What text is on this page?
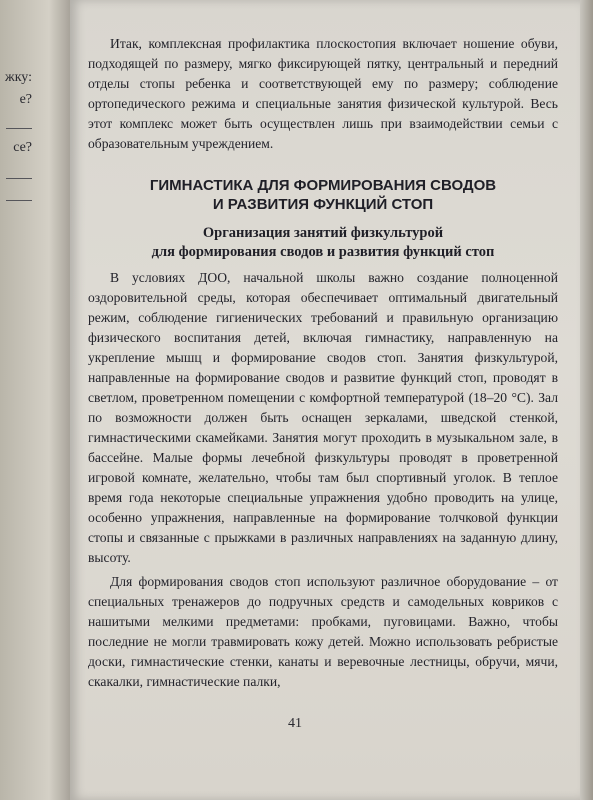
жку:
е?
се?

Итак, комплексная профилактика плоскостопия включает ношение обуви, подходящей по размеру, мягко фиксирующей пятку, центральный и передний отделы стопы ребенка и соответствующей ему по размеру; соблюдение ортопедического режима и специальные занятия физической культурой. Весь этот комплекс может быть осуществлен лишь при взаимодействии семьи с образовательным учреждением.

ГИМНАСТИКА ДЛЯ ФОРМИРОВАНИЯ СВОДОВ
И РАЗВИТИЯ ФУНКЦИЙ СТОП
Организация занятий физкультурой
для формирования сводов и развития функций стоп

В условиях ДОО, начальной школы важно создание полноценной оздоровительной среды, которая обеспечивает оптимальный двигательный режим, соблюдение гигиенических требований и правильную организацию физического воспитания детей, включая гимнастику, направленную на укрепление мышц и формирование сводов стоп. Занятия физкультурой, направленные на формирование сводов и развитие функций стоп, проводят в светлом, проветренном помещении с комфортной температурой (18–20 °C). Зал по возможности должен быть оснащен зеркалами, шведской стенкой, гимнастическими скамейками. Занятия могут проходить в музыкальном зале, в бассейне. Малые формы лечебной физкультуры проводят в проветренной игровой комнате, желательно, чтобы там был спортивный уголок. В теплое время года некоторые специальные упражнения удобно проводить на улице, особенно упражнения, направленные на формирование толчковой функции стопы и связанные с прыжками в различных направлениях на заданную длину, высоту.

Для формирования сводов стоп используют различное оборудование – от специальных тренажеров до подручных средств и самодельных ковриков с нашитыми мелкими предметами: пробками, пуговицами. Важно, чтобы последние не могли травмировать кожу детей. Можно использовать ребристые доски, гимнастические стенки, канаты и веревочные лестницы, обручи, мячи, скакалки, гимнастические палки,

41
